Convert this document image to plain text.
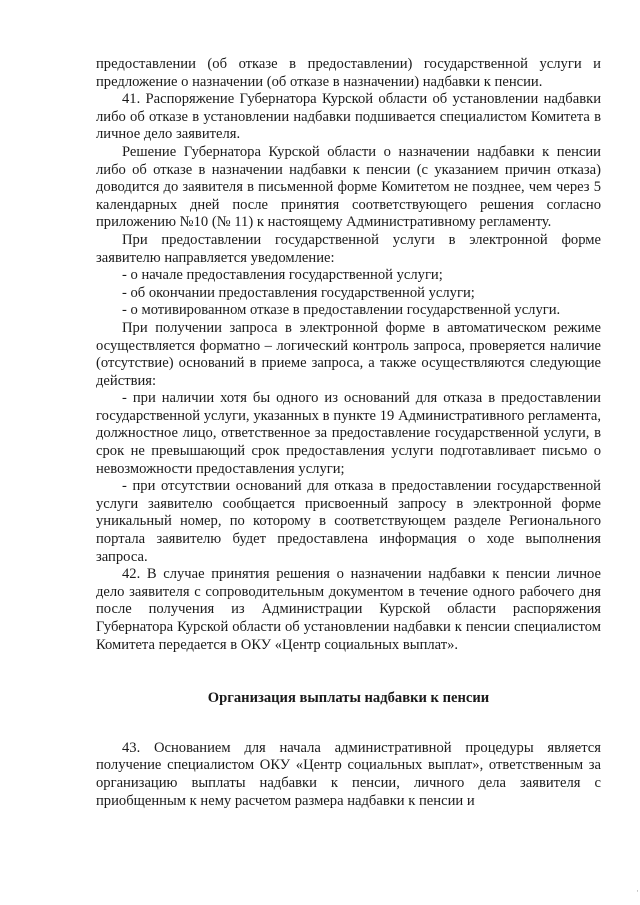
предоставлении (об отказе в предоставлении) государственной услуги и предложение о назначении (об отказе в назначении) надбавки к пенсии.

41. Распоряжение Губернатора Курской области об установлении надбавки либо об отказе в установлении надбавки подшивается специалистом Комитета в личное дело заявителя.

Решение Губернатора Курской области о назначении надбавки к пенсии либо об отказе в назначении надбавки к пенсии (с указанием причин отказа) доводится до заявителя в письменной форме Комитетом не позднее, чем через 5 календарных дней после принятия соответствующего решения согласно приложению №10 (№ 11) к настоящему Административному регламенту.

При предоставлении государственной услуги в электронной форме заявителю направляется уведомление:

- о начале предоставления государственной услуги;

- об окончании предоставления государственной услуги;

- о мотивированном отказе в предоставлении государственной услуги.

При получении запроса в электронной форме в автоматическом режиме осуществляется форматно – логический контроль запроса, проверяется наличие (отсутствие) оснований в приеме запроса, а также осуществляются следующие действия:

- при наличии хотя бы одного из оснований для отказа в предоставлении государственной услуги, указанных в пункте 19 Административного регламента, должностное лицо, ответственное за предоставление государственной услуги, в срок не превышающий срок предоставления услуги подготавливает письмо о невозможности предоставления услуги;

- при отсутствии оснований для отказа в предоставлении государственной услуги заявителю сообщается присвоенный запросу в электронной форме уникальный номер, по которому в соответствующем разделе Регионального портала заявителю будет предоставлена информация о ходе выполнения запроса.

42. В случае принятия решения о назначении надбавки к пенсии личное дело заявителя с сопроводительным документом в течение одного рабочего дня после получения из Администрации Курской области распоряжения Губернатора Курской области об установлении надбавки к пенсии специалистом Комитета передается в ОКУ «Центр социальных выплат».

Организация выплаты надбавки к пенсии

43. Основанием для начала административной процедуры является получение специалистом ОКУ «Центр социальных выплат», ответственным за организацию выплаты надбавки к пенсии, личного дела заявителя с приобщенным к нему расчетом размера надбавки к пенсии и

·
